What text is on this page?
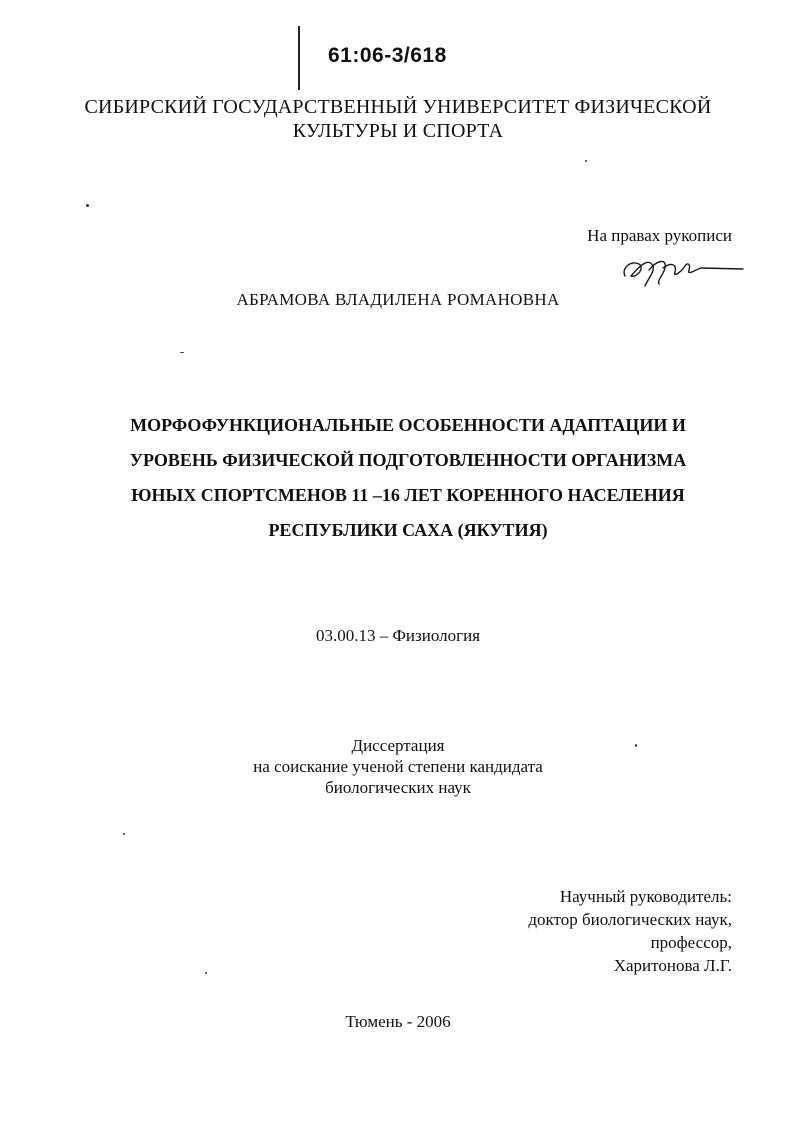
61:06-3/618
СИБИРСКИЙ ГОСУДАРСТВЕННЫЙ УНИВЕРСИТЕТ ФИЗИЧЕСКОЙ
КУЛЬТУРЫ И СПОРТА
На правах рукописи
АБРАМОВА ВЛАДИЛЕНА РОМАНОВНА
МОРФОФУНКЦИОНАЛЬНЫЕ ОСОБЕННОСТИ АДАПТАЦИИ И
УРОВЕНЬ ФИЗИЧЕСКОЙ ПОДГОТОВЛЕННОСТИ ОРГАНИЗМА
ЮНЫХ СПОРТСМЕНОВ 11 –16 ЛЕТ КОРЕННОГО НАСЕЛЕНИЯ
РЕСПУБЛИКИ САХА (ЯКУТИЯ)
03.00.13 – Физиология
Диссертация
на соискание ученой степени кандидата
биологических наук
Научный руководитель:
доктор биологических наук,
профессор,
Харитонова Л.Г.
Тюмень - 2006
